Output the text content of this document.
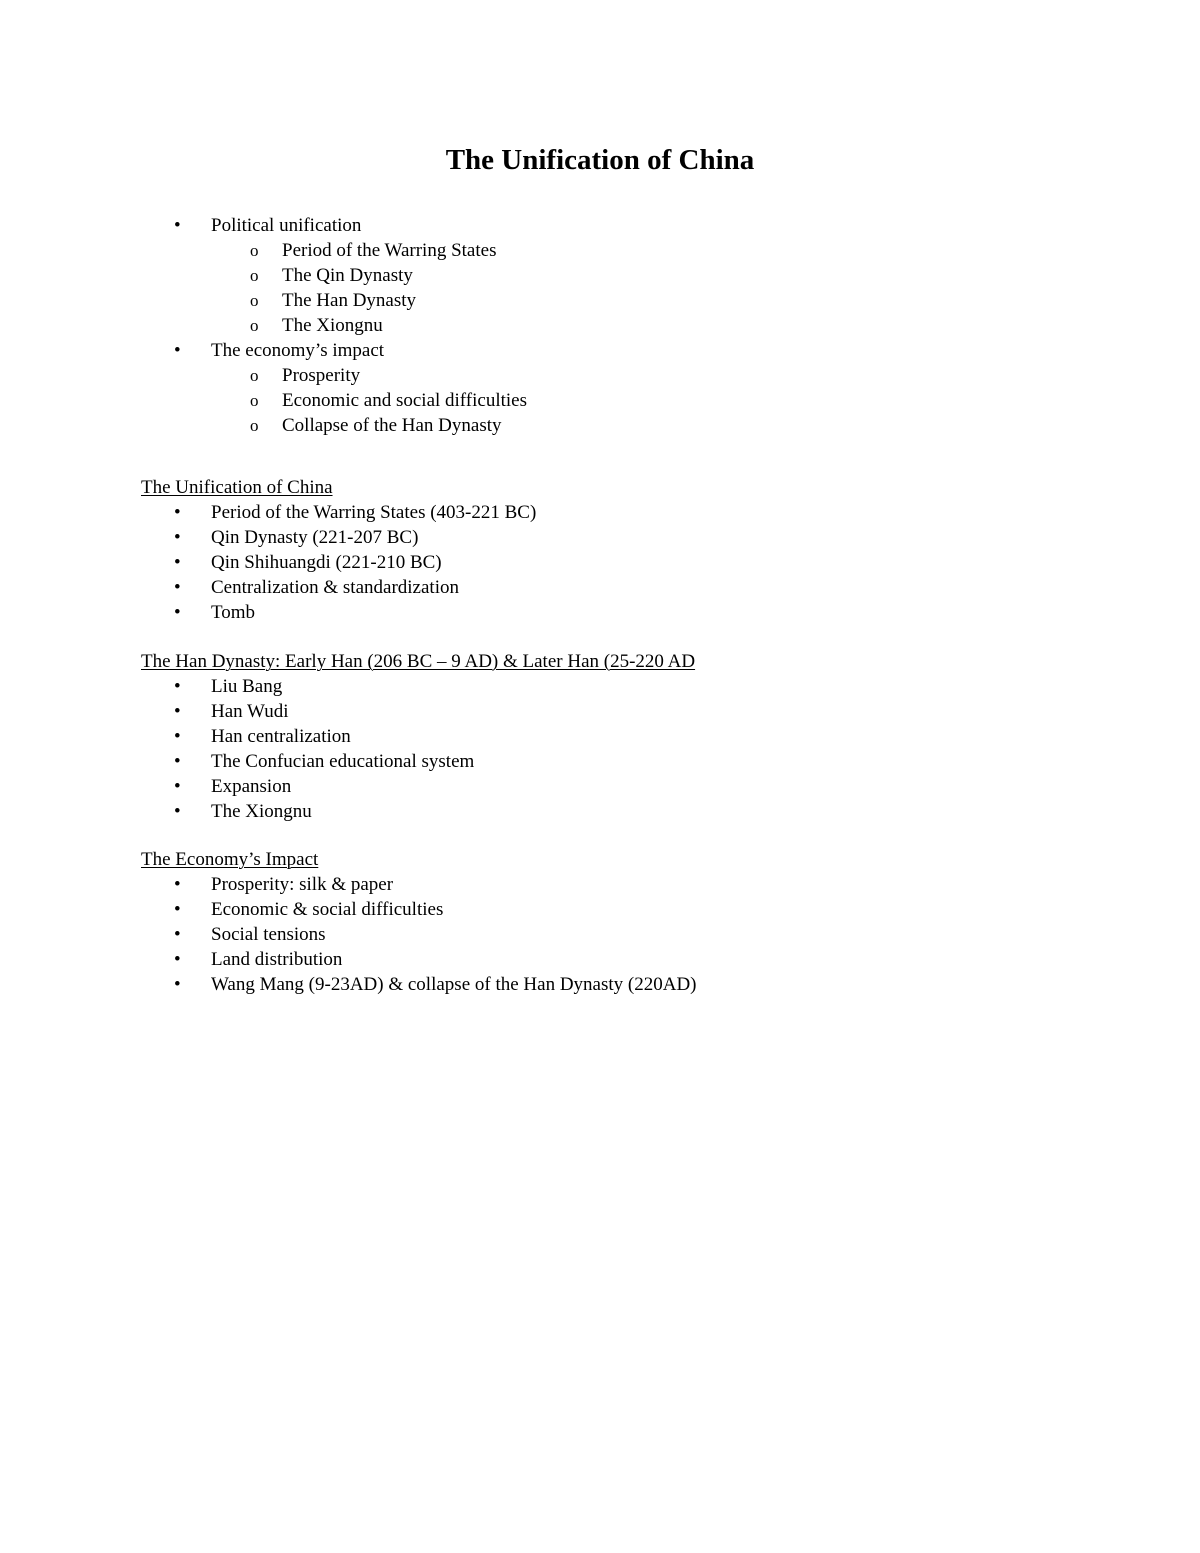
The Unification of China
• Political unification
o Period of the Warring States
o The Qin Dynasty
o The Han Dynasty
o The Xiongnu
• The economy’s impact
o Prosperity
o Economic and social difficulties
o Collapse of the Han Dynasty
The Unification of China
• Period of the Warring States (403-221 BC)
• Qin Dynasty (221-207 BC)
• Qin Shihuangdi (221-210 BC)
• Centralization & standardization
• Tomb
The Han Dynasty: Early Han (206 BC – 9 AD) & Later Han (25-220 AD
• Liu Bang
• Han Wudi
• Han centralization
• The Confucian educational system
• Expansion
• The Xiongnu
The Economy’s Impact
• Prosperity: silk & paper
• Economic & social difficulties
• Social tensions
• Land distribution
• Wang Mang (9-23AD) & collapse of the Han Dynasty (220AD)
